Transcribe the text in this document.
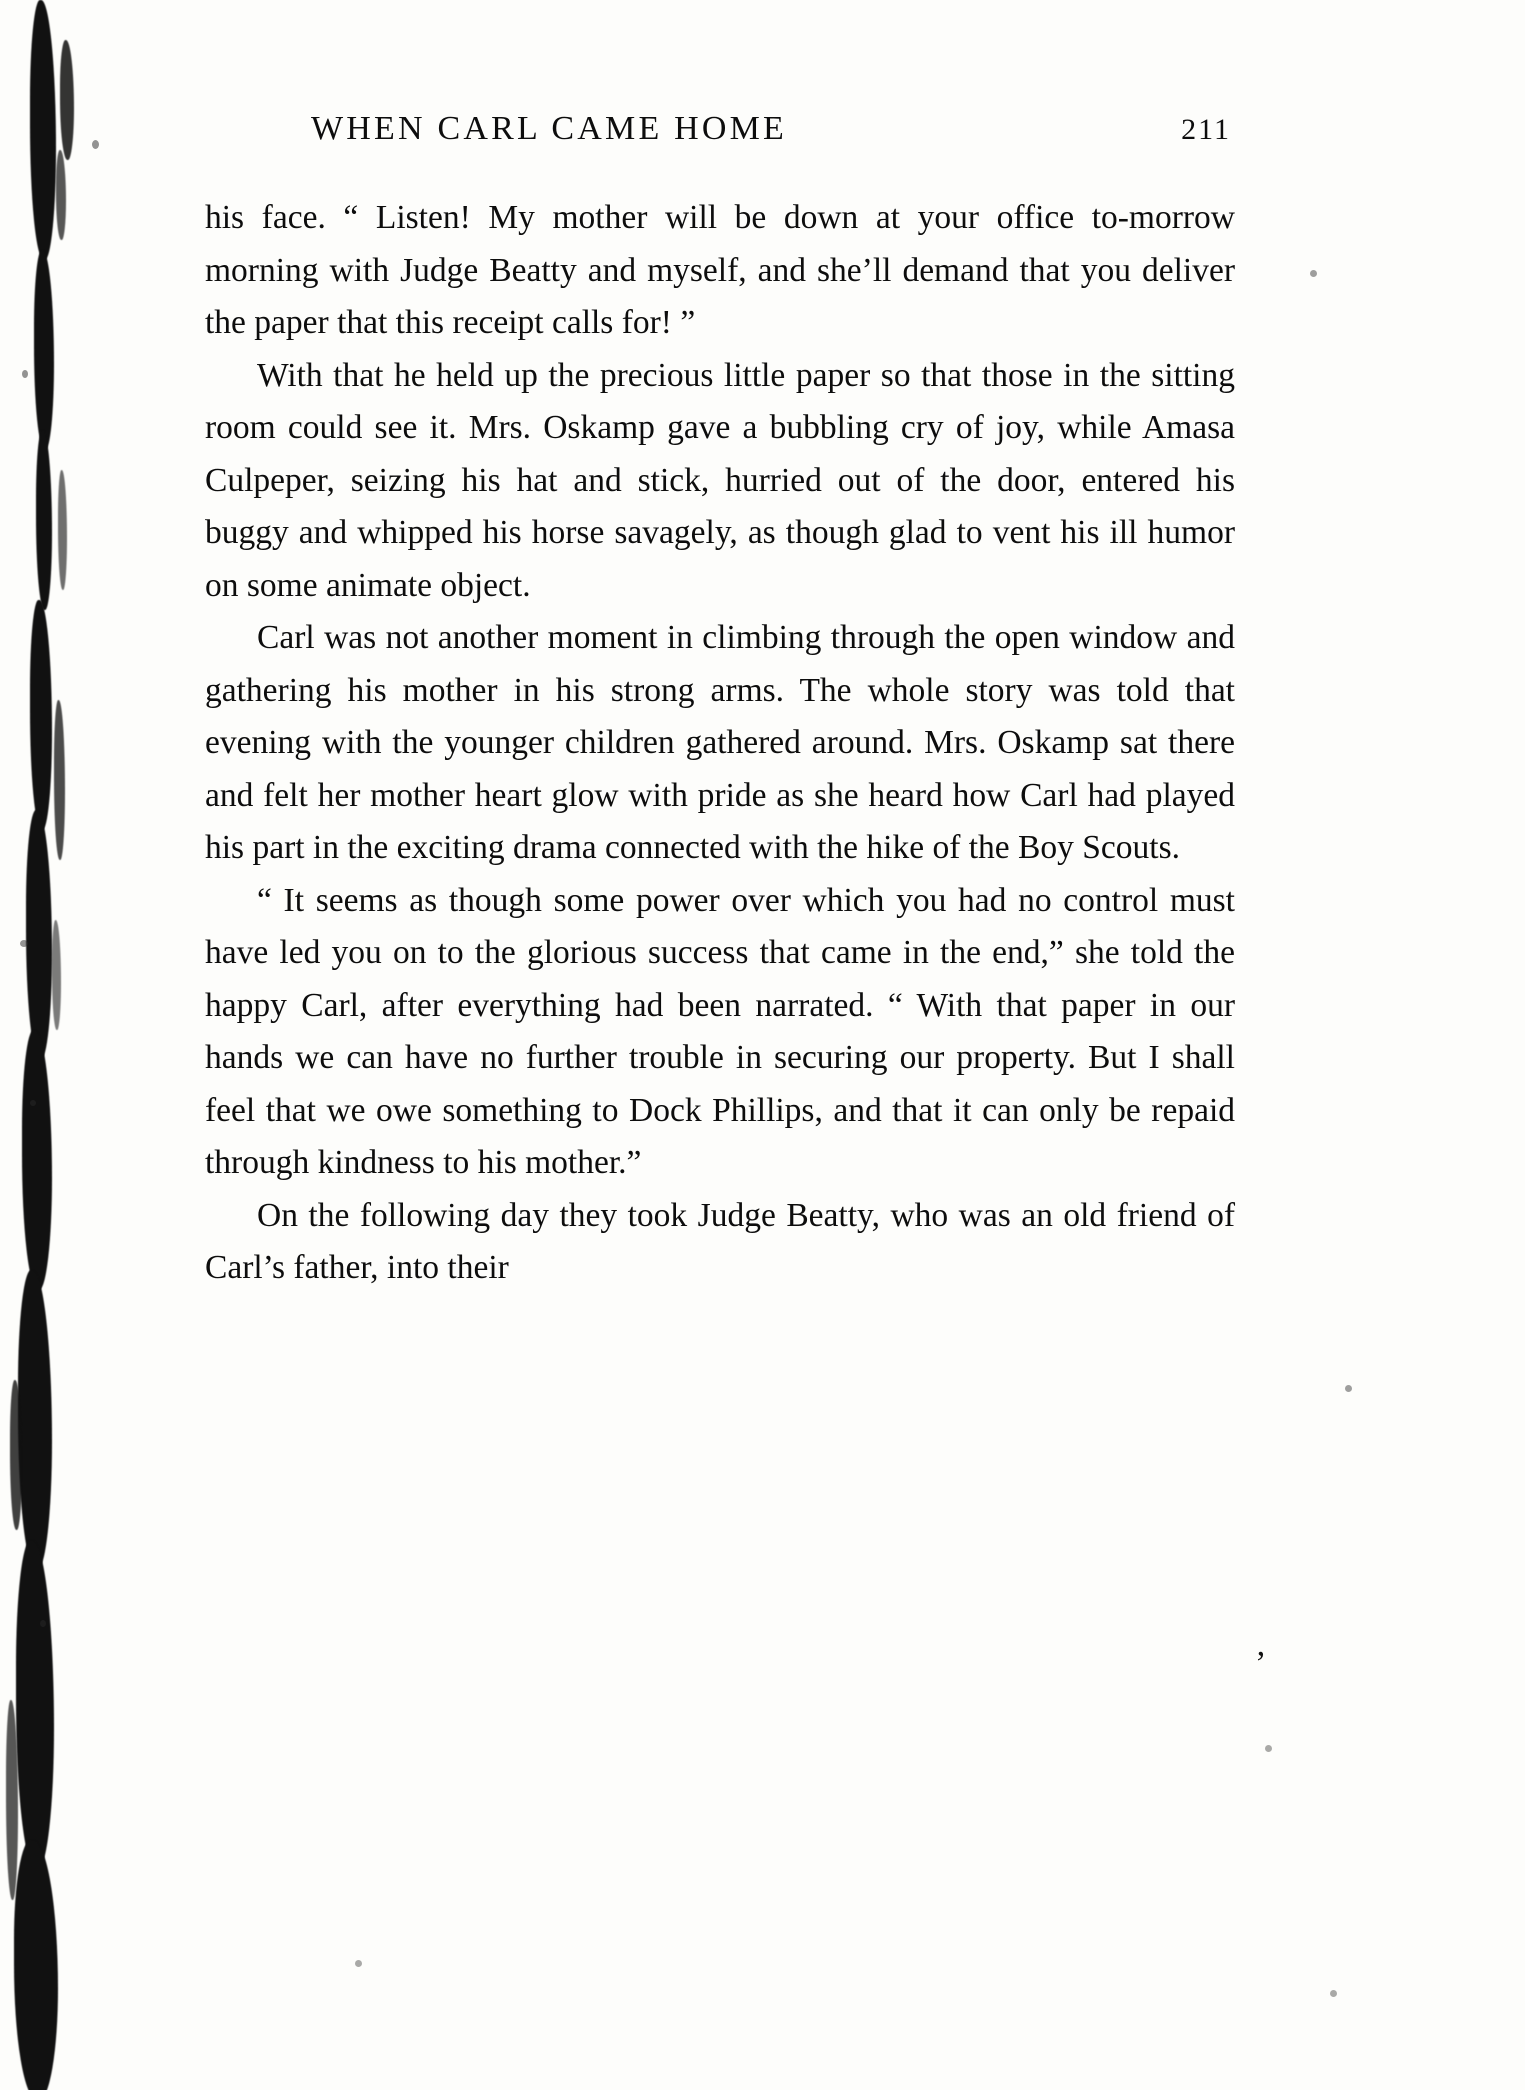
WHEN CARL CAME HOME	211

his face. “ Listen! My mother will be down at your office to-morrow morning with Judge Beatty and myself, and she’ll demand that you deliver the paper that this receipt calls for! ”

With that he held up the precious little paper so that those in the sitting room could see it. Mrs. Oskamp gave a bubbling cry of joy, while Amasa Culpeper, seizing his hat and stick, hurried out of the door, entered his buggy and whipped his horse savagely, as though glad to vent his ill humor on some animate object.

Carl was not another moment in climbing through the open window and gathering his mother in his strong arms. The whole story was told that evening with the younger children gathered around. Mrs. Oskamp sat there and felt her mother heart glow with pride as she heard how Carl had played his part in the exciting drama connected with the hike of the Boy Scouts.

“ It seems as though some power over which you had no control must have led you on to the glorious success that came in the end,” she told the happy Carl, after everything had been narrated. “ With that paper in our hands we can have no further trouble in securing our property. But I shall feel that we owe something to Dock Phillips, and that it can only be repaid through kindness to his mother.”

On the following day they took Judge Beatty, who was an old friend of Carl’s father, into their

’
